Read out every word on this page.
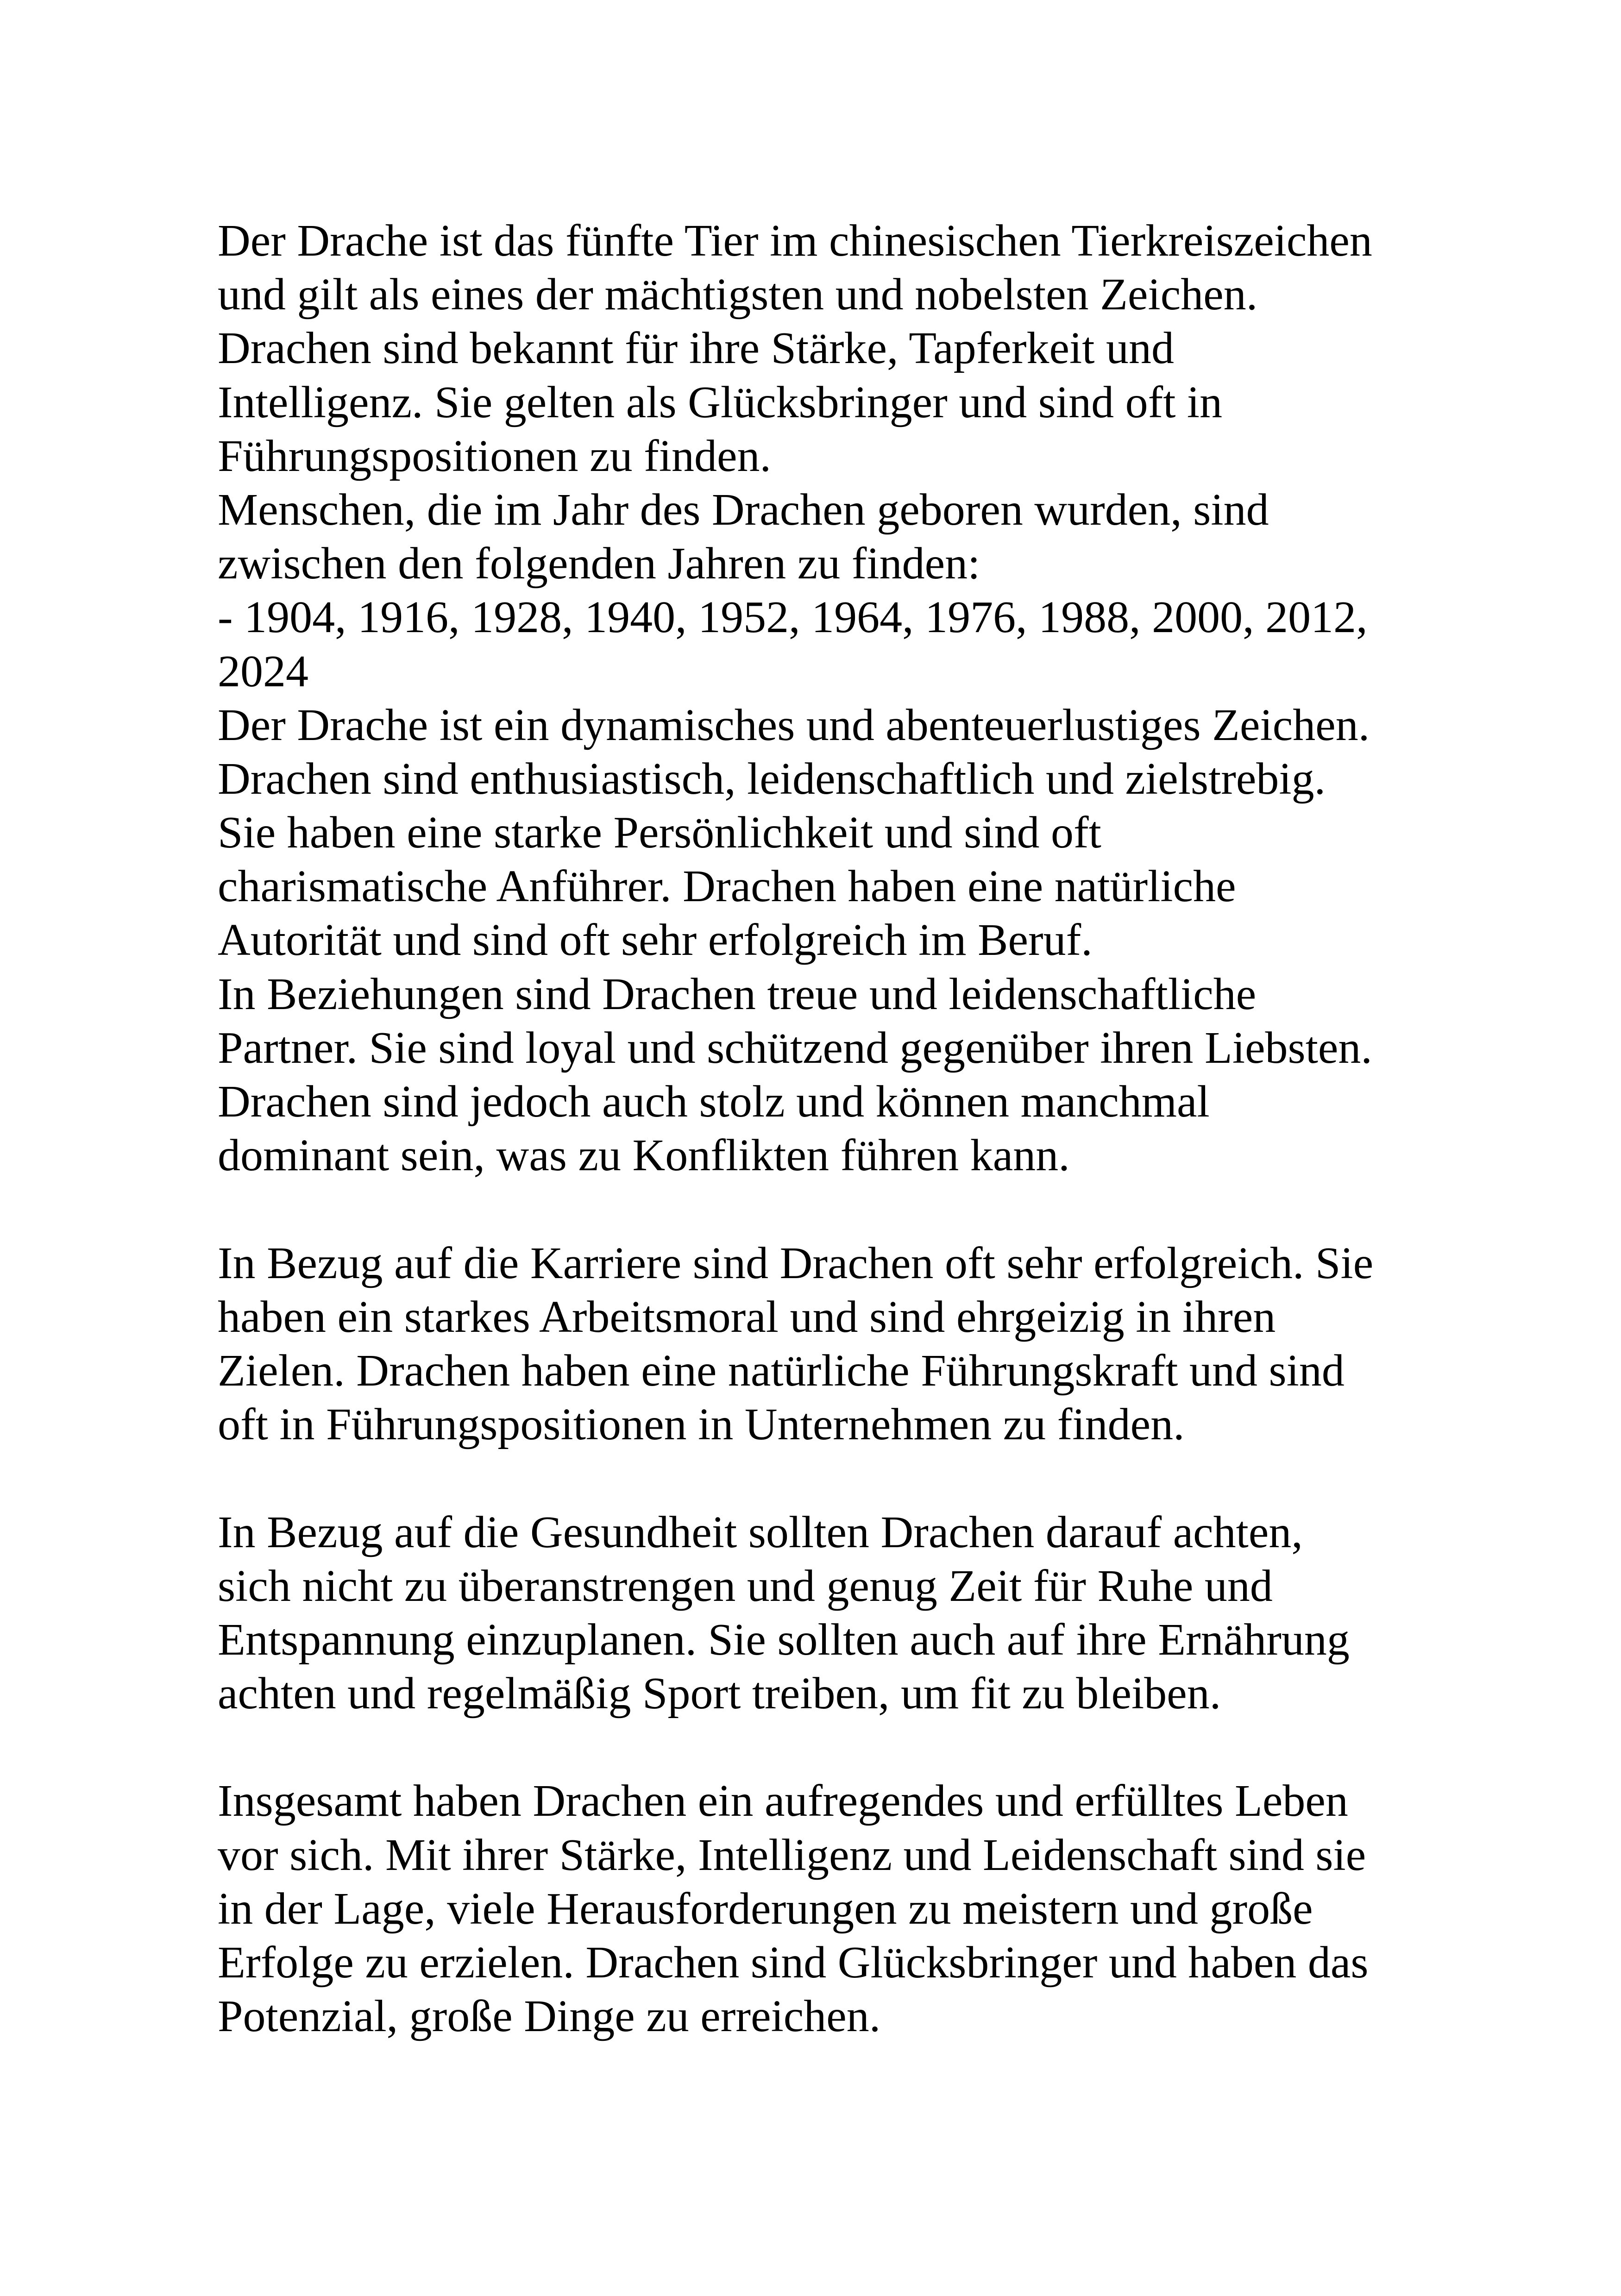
Der Drache ist das fünfte Tier im chinesischen Tierkreiszeichen
und gilt als eines der mächtigsten und nobelsten Zeichen.
Drachen sind bekannt für ihre Stärke, Tapferkeit und
Intelligenz. Sie gelten als Glücksbringer und sind oft in
Führungspositionen zu finden.
Menschen, die im Jahr des Drachen geboren wurden, sind
zwischen den folgenden Jahren zu finden:
- 1904, 1916, 1928, 1940, 1952, 1964, 1976, 1988, 2000, 2012,
2024
Der Drache ist ein dynamisches und abenteuerlustiges Zeichen.
Drachen sind enthusiastisch, leidenschaftlich und zielstrebig.
Sie haben eine starke Persönlichkeit und sind oft
charismatische Anführer. Drachen haben eine natürliche
Autorität und sind oft sehr erfolgreich im Beruf.
In Beziehungen sind Drachen treue und leidenschaftliche
Partner. Sie sind loyal und schützend gegenüber ihren Liebsten.
Drachen sind jedoch auch stolz und können manchmal
dominant sein, was zu Konflikten führen kann.
In Bezug auf die Karriere sind Drachen oft sehr erfolgreich. Sie
haben ein starkes Arbeitsmoral und sind ehrgeizig in ihren
Zielen. Drachen haben eine natürliche Führungskraft und sind
oft in Führungspositionen in Unternehmen zu finden.
In Bezug auf die Gesundheit sollten Drachen darauf achten,
sich nicht zu überanstrengen und genug Zeit für Ruhe und
Entspannung einzuplanen. Sie sollten auch auf ihre Ernährung
achten und regelmäßig Sport treiben, um fit zu bleiben.
Insgesamt haben Drachen ein aufregendes und erfülltes Leben
vor sich. Mit ihrer Stärke, Intelligenz und Leidenschaft sind sie
in der Lage, viele Herausforderungen zu meistern und große
Erfolge zu erzielen. Drachen sind Glücksbringer und haben das
Potenzial, große Dinge zu erreichen.
